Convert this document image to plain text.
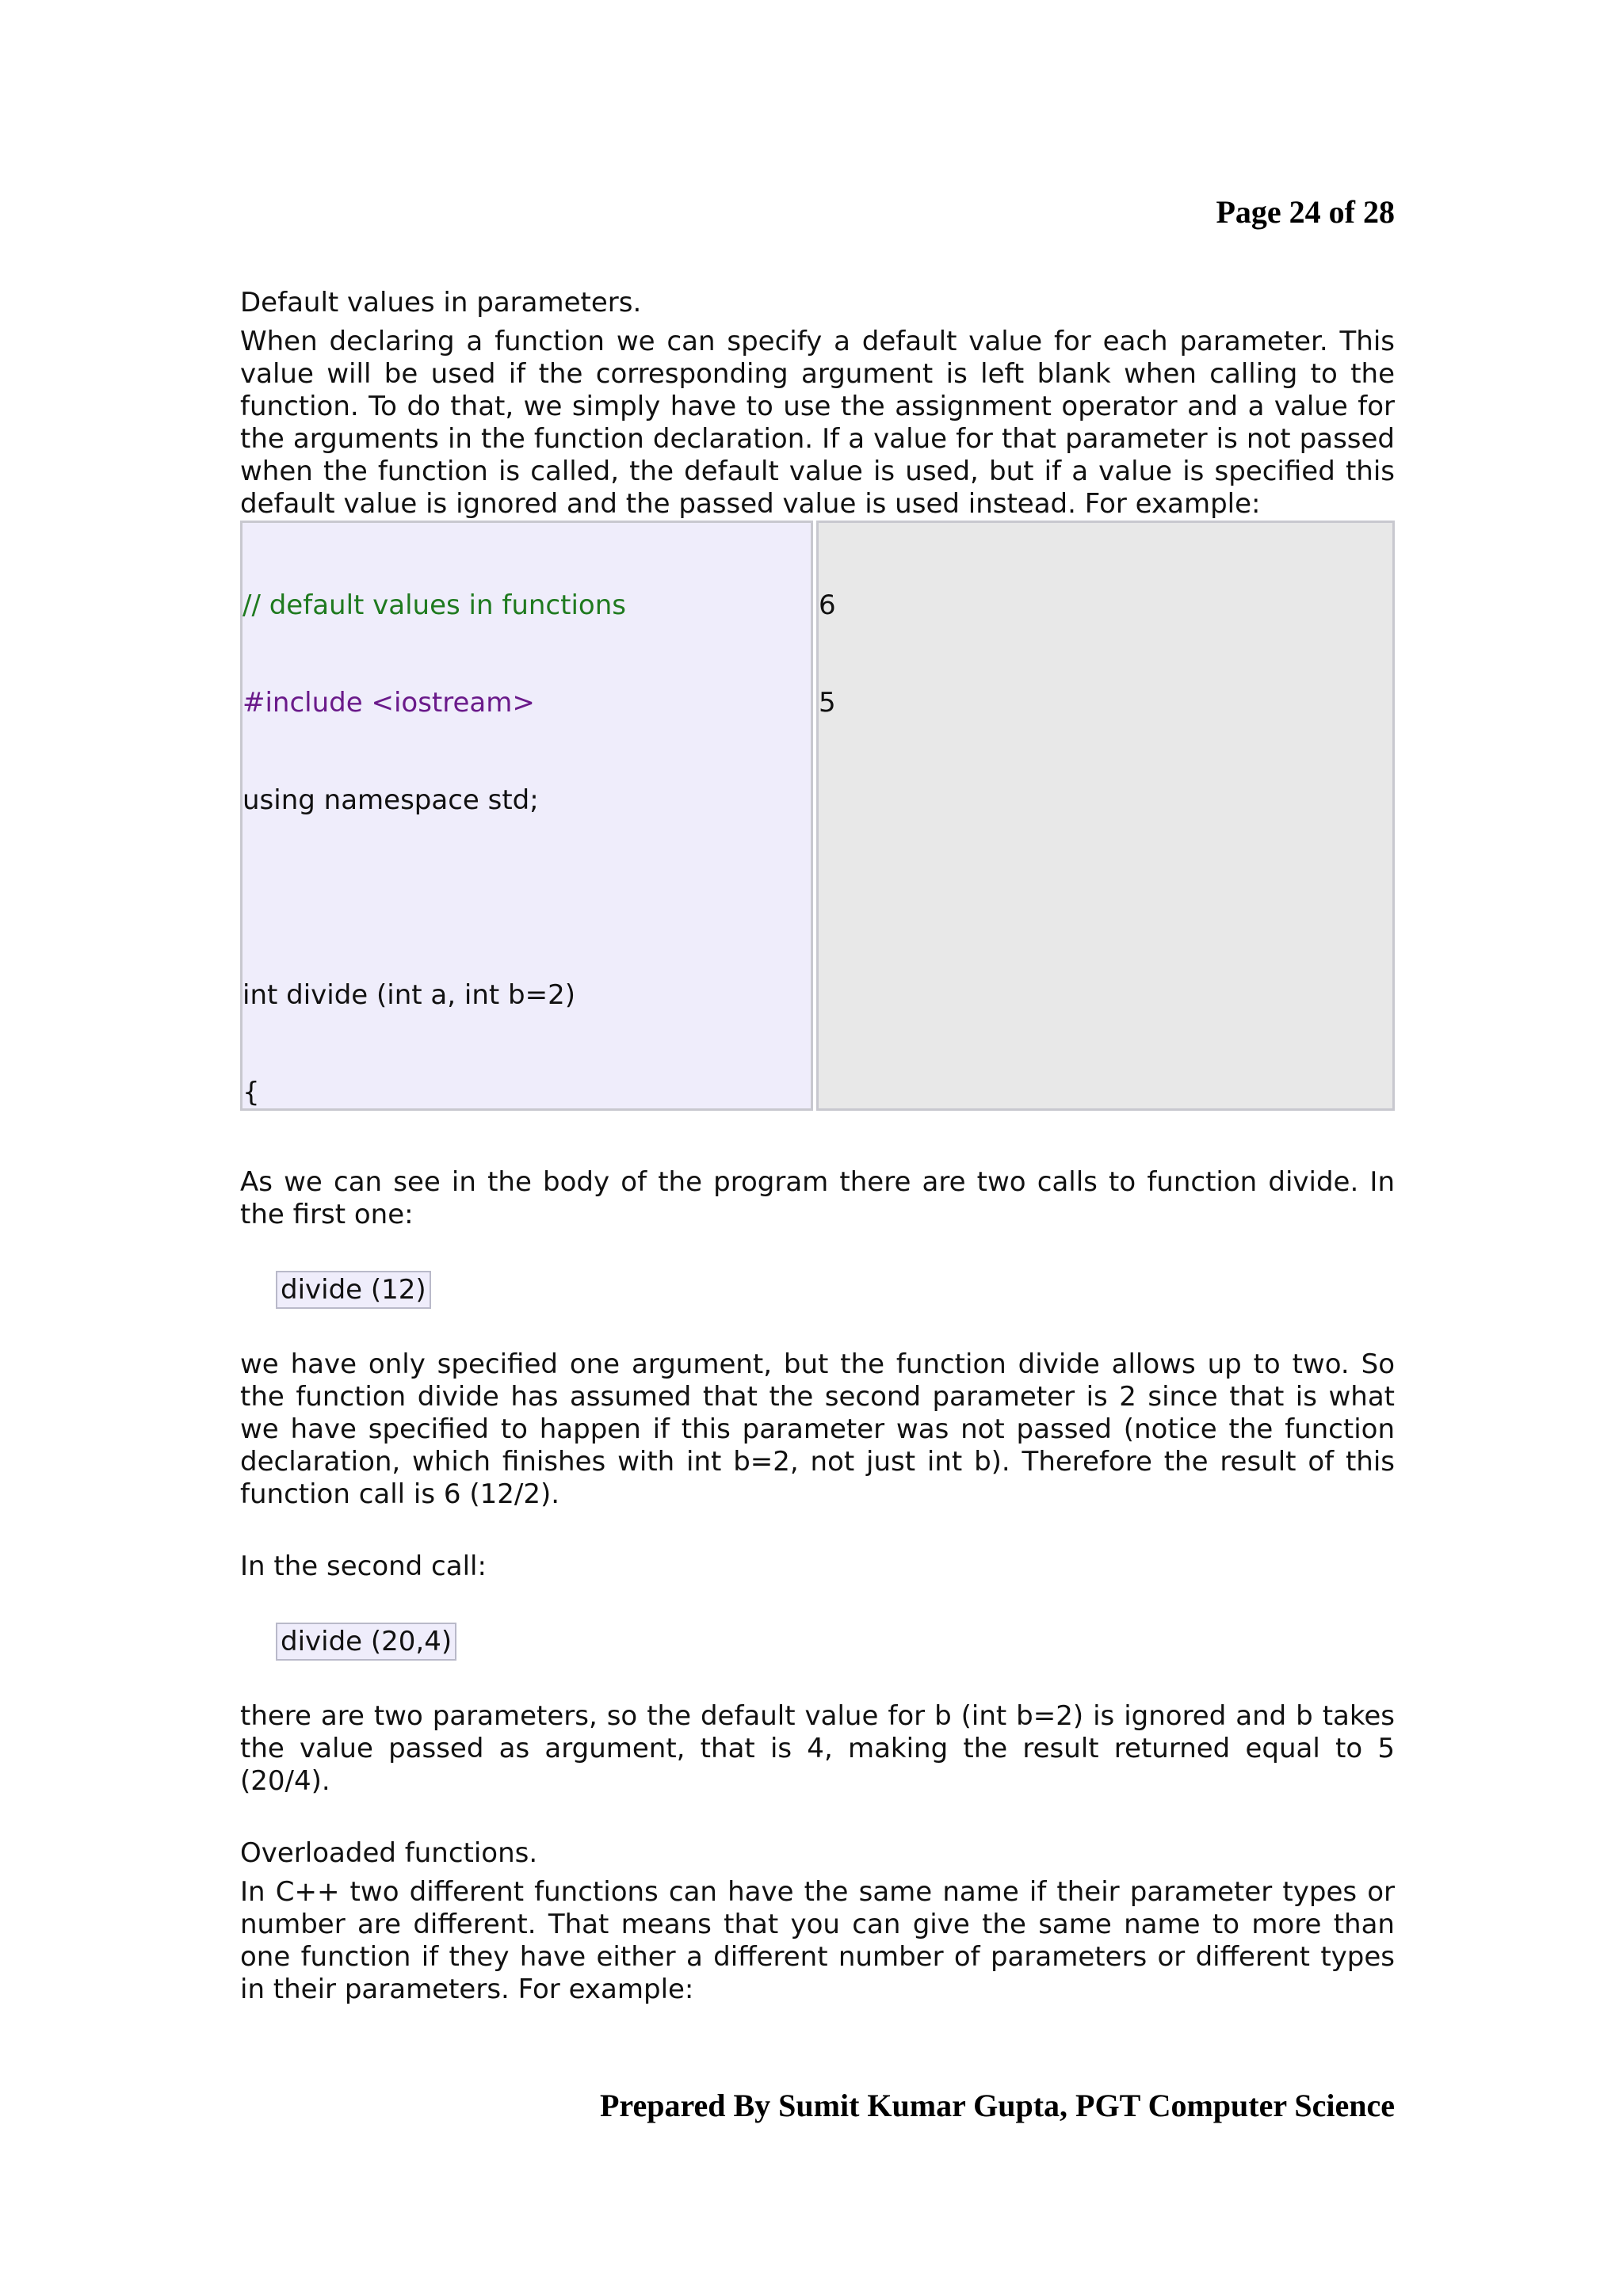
Page 24 of 28

Default values in parameters.

When declaring a function we can specify a default value for each parameter. This value will be used if the corresponding argument is left blank when calling to the function. To do that, we simply have to use the assignment operator and a value for the arguments in the function declaration. If a value for that parameter is not passed when the function is called, the default value is used, but if a value is specified this default value is ignored and the passed value is used instead. For example:

// default values in functions

#include <iostream>

using namespace std;

int divide (int a, int b=2)

{

6

5

As we can see in the body of the program there are two calls to function divide. In the first one:

divide (12)

we have only specified one argument, but the function divide allows up to two. So the function divide has assumed that the second parameter is 2 since that is what we have specified to happen if this parameter was not passed (notice the function declaration, which finishes with int b=2, not just int b). Therefore the result of this function call is 6 (12/2).

In the second call:

divide (20,4)

there are two parameters, so the default value for b (int b=2) is ignored and b takes the value passed as argument, that is 4, making the result returned equal to 5 (20/4).

Overloaded functions.

In C++ two different functions can have the same name if their parameter types or number are different. That means that you can give the same name to more than one function if they have either a different number of parameters or different types in their parameters. For example:

Prepared By Sumit Kumar Gupta, PGT Computer Science
